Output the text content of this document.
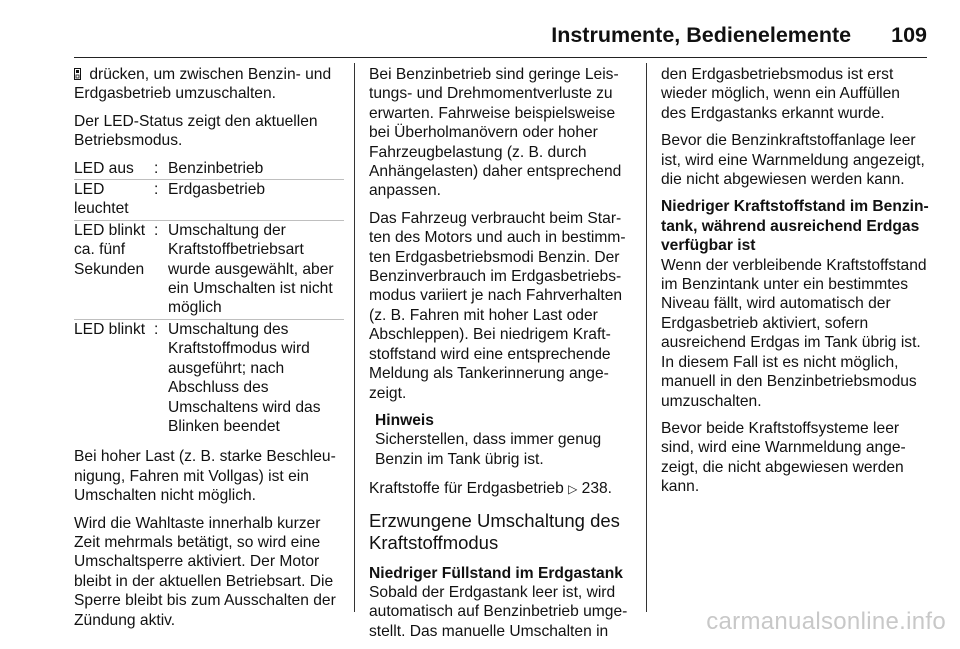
Instrumente, Bedienelemente 109

drücken, um zwischen Benzin- und Erdgasbetrieb umzuschalten.

Der LED-Status zeigt den aktuellen Betriebsmodus.

LED aus	: Benzinbetrieb
LED leuchtet
: Erdgasbetrieb
LED blinkt ca. fünf Sekunden
: Umschaltung der Kraftstoffbetriebsart wurde ausgewählt, aber ein Umschalten ist nicht möglich
LED blinkt : Umschaltung des Kraftstoffmodus wird ausgeführt; nach Abschluss des Umschaltens wird das Blinken beendet

Bei hoher Last (z. B. starke Beschleunigung, Fahren mit Vollgas) ist ein Umschalten nicht möglich.

Wird die Wahltaste innerhalb kurzer Zeit mehrmals betätigt, so wird eine Umschaltsperre aktiviert. Der Motor bleibt in der aktuellen Betriebsart. Die Sperre bleibt bis zum Ausschalten der Zündung aktiv.

Bei Benzinbetrieb sind geringe Leistungs- und Drehmomentverluste zu erwarten. Fahrweise beispielsweise bei Überholmanövern oder hoher Fahrzeugbelastung (z. B. durch Anhängelasten) daher entsprechend anpassen.

Das Fahrzeug verbraucht beim Starten des Motors und auch in bestimmten Erdgasbetriebsmodi Benzin. Der Benzinverbrauch im Erdgasbetriebsmodus variiert je nach Fahrverhalten (z. B. Fahren mit hoher Last oder Abschleppen). Bei niedrigem Kraftstoffstand wird eine entsprechende Meldung als Tankerinnerung angezeigt.

Hinweis
Sicherstellen, dass immer genug Benzin im Tank übrig ist.

Kraftstoffe für Erdgasbetrieb ▷ 238.

Erzwungene Umschaltung des Kraftstoffmodus
Niedriger Füllstand im Erdgastank

Sobald der Erdgastank leer ist, wird automatisch auf Benzinbetrieb umgestellt. Das manuelle Umschalten in

den Erdgasbetriebsmodus ist erst wieder möglich, wenn ein Auffüllen des Erdgastanks erkannt wurde.

Bevor die Benzinkraftstoffanlage leer ist, wird eine Warnmeldung angezeigt, die nicht abgewiesen werden kann.

Niedriger Kraftstoffstand im Benzintank, während ausreichend Erdgas verfügbar ist

Wenn der verbleibende Kraftstoffstand im Benzintank unter ein bestimmtes Niveau fällt, wird automatisch der Erdgasbetrieb aktiviert, sofern ausreichend Erdgas im Tank übrig ist. In diesem Fall ist es nicht möglich, manuell in den Benzinbetriebsmodus umzuschalten.

Bevor beide Kraftstoffsysteme leer sind, wird eine Warnmeldung angezeigt, die nicht abgewiesen werden kann.

carmanualsonline.info
